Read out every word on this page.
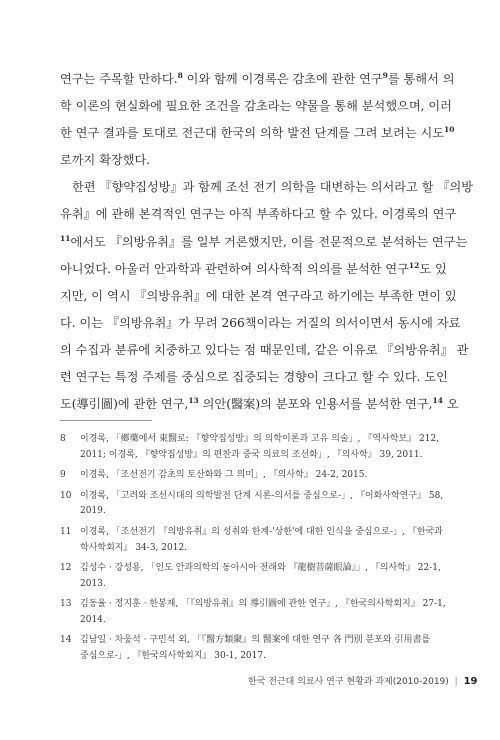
연구는 주목할 만하다.$^8$ 이와 함께 이경록은 감초에 관한 연구$^9$를 통해서 의
학 이론의 현실화에 필요한 조건을 감초라는 약물을 통해 분석했으며, 이러
한 연구 결과를 토대로 전근대 한국의 의학 발전 단계를 그려 보려는 시도$^{10}$
로까지 확장했다.
한편 『향약집성방』과 함께 조선 전기 의학을 대변하는 의서라고 할 『의방
유취』에 관해 본격적인 연구는 아직 부족하다고 할 수 있다. 이경록의 연구
$^{11}$에서도 『의방유취』를 일부 거론했지만, 이를 전문적으로 분석하는 연구는
아니었다. 아울러 안과학과 관련하여 의사학적 의의를 분석한 연구$^{12}$도 있
지만, 이 역시 『의방유취』에 대한 본격 연구라고 하기에는 부족한 면이 있
다. 이는 『의방유취』가 무려 266책이라는 거질의 의서이면서 동시에 자료
의 수집과 분류에 치중하고 있다는 점 때문인데, 같은 이유로 『의방유취』 관
련 연구는 특정 주제를 중심으로 집중되는 경향이 크다고 할 수 있다. 도인
도(導引圖)에 관한 연구,$^{13}$ 의안(醫案)의 분포와 인용서를 분석한 연구,$^{14}$ 오
8	이경록, 「鄕藥에서 東醫로: 『향약집성방』의 의학이론과 고유 의술」, 『역사학보』 212,
2011; 이경록, 『향약집성방』의 편찬과 중국 의료의 조선화」, 『의사학』 39, 2011.
9	이경록, 「조선전기 감초의 토산화와 그 의미」, 『의사학』 24-2, 2015.
10 이경록, 「고려와 조선시대의 의학발전 단계 시론-의서를 중심으로-」, 『이화사학연구』 58,
2019.
11 이경록, 「조선전기 『의방유취』의 성취와 한계-'상한'에 대한 인식을 중심으로-」, 『한국과
학사학회지』 34-3, 2012.
12 김성수 · 강성용, 「인도 안과의학의 동아시아 전래와 『龍樹菩薩眼論』」, 『의사학』 22-1,
2013.
13 김동율 · 정지훈 · 한봉재, 「『의방유취』의 導引圖에 관한 연구」, 『한국의사학회지』 27-1,
2014.
14 김남일 · 차웅석 · 구민석 외, 「『醫方類聚』의 醫案에 대한 연구 各 門別 분포와 引用書를
중심으로-」, 『한국의사학회지』 30-1, 2017.
한국 전근대 의료사 연구 현황과 과제(2010-2019) | 19
